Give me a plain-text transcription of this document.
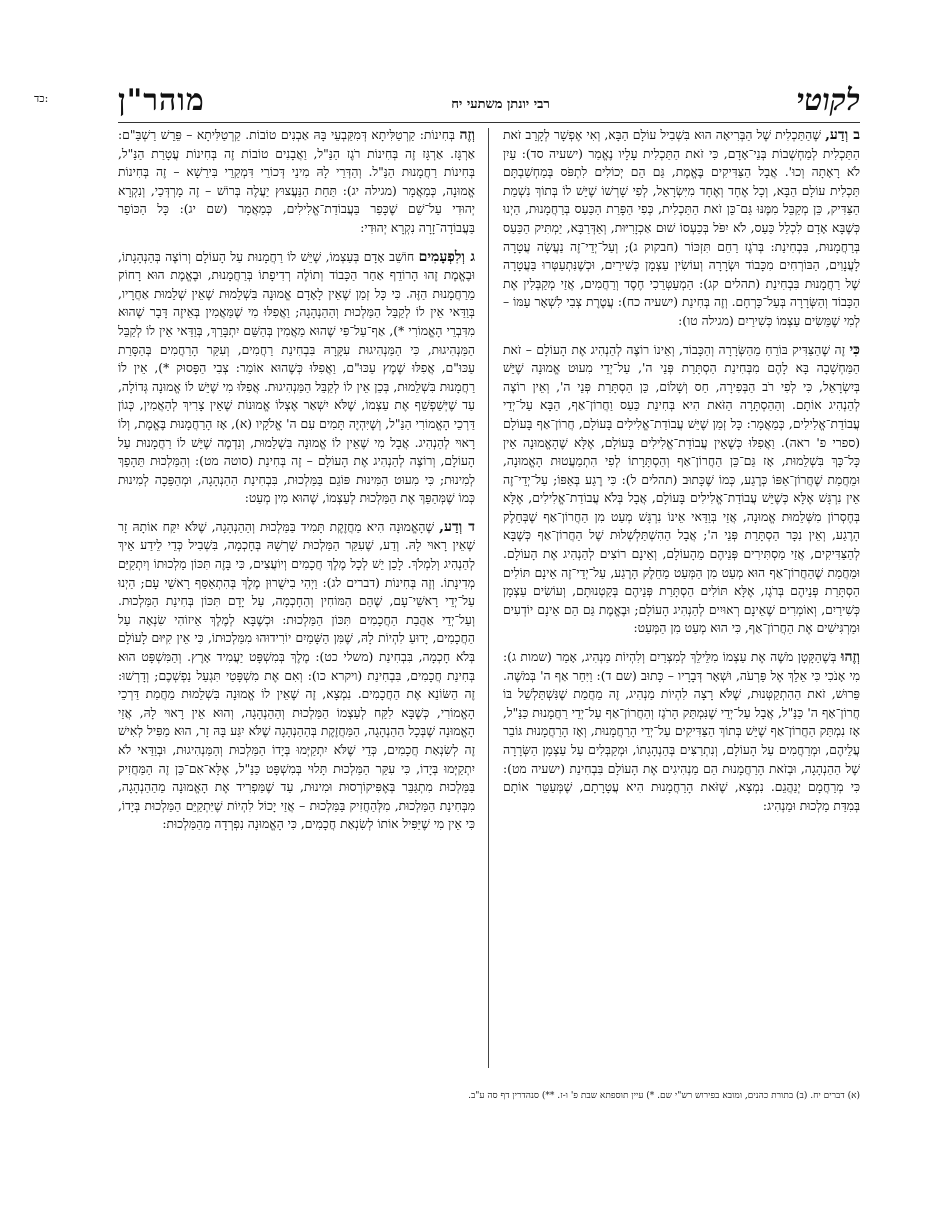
כד:	לקוטי
רבי יונתן משתעי יח
מוהר"ן

ב וְדַע, שֶׁהַתַּכְלִית שֶׁל הַבְּרִיאָה הוּא בִּשְׁבִיל עוֹלָם הַבָּא, וְאִי אֶפְשָׁר לְקָרֵב זֹאת הַתַּכְלִית לְמַחְשְׁבוֹת בְּנֵי־אָדָם, כִּי זֹאת הַתַּכְלִית עָלָיו נֶאֱמַר (ישעיה סד): עַיִן לֹא רָאָתָה וְכוּ'. אֲבָל הַצַּדִּיקִים בֶּאֱמֶת, גַּם הֵם יְכוֹלִים לִתְפֹּס בְּמַחְשַׁבְתָּם תַּכְלִית עוֹלָם הַבָּא, וְכָל אֶחָד וְאֶחָד מִיִּשְׂרָאֵל, לְפִי שָׁרְשׁוֹ שֶׁיֵּשׁ לוֹ בְּתוֹךְ נִשְׁמַת הַצַּדִּיק, כֵּן מְקַבֵּל מִמֶּנּוּ גַּם־כֵּן זֹאת הַתַּכְלִית, כְּפִי הַפָּרַת הַכַּעַס בְּרַחֲמָנוּת, הַיְנוּ כְּשֶׁבָּא אָדָם לִכְלַל כַּעַס, לֹא יִפֹּל בְּכַעְסוֹ שׁוּם אַכְזָרִיּוּת, וְאַדְּרַבָּא, יַמְתִּיק הַכַּעַס בְּרַחֲמָנוּת, בִּבְחִינַת: בְּרֹגֶז רַחֵם תִּזְכּוֹר (חבקוק ג); וְעַל־יְדֵי־זֶה נַעֲשָׂה עֲטָרָה לָעֲנָוִים, הַבּוֹרְחִים מִכָּבוֹד וּשְׂרָרָה וְעוֹשִׂין עַצְמָן כְּשִׁירַיִם, וּכְשֶׁנִּתְעַטְּרוּ בַּעֲטָרָה שֶׁל רַחֲמָנוּת בִּבְחִינַת (תהלים קג): הַמְעַטְּרֵכִי חֶסֶד וְרַחֲמִים, אֲזַי מְקַבְּלִין אֶת הַכָּבוֹד וְהַשְּׂרָרָה בְּעַל־כָּרְחָם. וְזֶה בְּחִינַת (ישעיה כח): עֲטֶרֶת צְבִי לִשְׁאָר עַמּוֹ – לְמִי שֶׁמֵּשִׂים עַצְמוֹ כְּשִׁירַיִם (מגילה טו):

כִּי זֶה שֶׁהַצַּדִּיק בּוֹרֵחַ מֵהַשְּׂרָרָה וְהַכָּבוֹד, וְאֵינוֹ רוֹצֶה לְהַנְהִיג אֶת הָעוֹלָם – זֹאת הַמַּחְשָׁבָה בָּא לָהֶם מִבְּחִינַת הַסְתָּרַת פְּנֵי ה', עַל־יְדֵי מִעוּט אֱמוּנָה שֶׁיֵּשׁ בְּיִשְׂרָאֵל, כִּי לְפִי רֹב הַבְּפִירָה, חַס וְשָׁלוֹם, כֵּן הַסְתָּרַת פְּנֵי ה', וְאֵין רוֹצֶה לְהַנְהִיג אוֹתָם. וְהַהַסְתָּרָה הַזֹּאת הִיא בְּחִינַת כַּעַס וַחֲרוֹן־אַף, הַבָּא עַל־יְדֵי עֲבוֹדַת־אֱלִילִים, כְּמַאֲמָר: כָּל זְמַן שֶׁיֵּשׁ עֲבוֹדַת־אֱלִילִים בָּעוֹלָם, חֲרוֹן־אַף בָּעוֹלָם (ספרי פ' ראה). וַאֲפִלּוּ כְּשֶׁאֵין עֲבוֹדַת־אֱלִילִים בָּעוֹלָם, אֶלָּא שֶׁהָאֱמוּנָה אֵין כָּל־כָּךְ בִּשְׁלֵמוּת, אָז גַּם־כֵּן הַחֲרוֹן־אַף וְהַסְתָּרָתוֹ לְפִי הִתְמַעֲטוּת הָאֱמוּנָה, וּמֵחֲמַת שֶׁחֲרוֹן־אַפּוֹ כְּרֶגַע, כְּמוֹ שֶׁכָּתוּב (תהלים ל): כִּי רֶגַע בְּאַפּוֹ; עַל־יְדֵי־זֶה אֵין נִרְגָּשׁ אֶלָּא כְּשֶׁיֵּשׁ עֲבוֹדַת־אֱלִילִים בָּעוֹלָם, אֲבָל בְּלֹא עֲבוֹדַת־אֱלִילִים, אֶלָּא בְּחֶסְרוֹן מִשְּׁלֵמוּת אֱמוּנָה, אֲזַי בְּוַדַּאי אֵינוֹ נִרְגָּשׁ מְעַט מִן הַחֲרוֹן־אַף שֶׁבְּחֵלֶק הָרֶגַע, וְאֵין נִכָּר הַסְתָּרַת פְּנֵי ה'; אֲבָל הַהִשְׁתַּלְשְׁלוּת שֶׁל הַחֲרוֹן־אַף כְּשֶׁבָּא לְהַצַּדִּיקִים, אֲזַי מַסְתִּירִים פְּנֵיהֶם מֵהָעוֹלָם, וְאֵינָם רוֹצִים לְהַנְהִיג אֶת הָעוֹלָם. וּמֵחֲמַת שֶׁהַחֲרוֹן־אַף הוּא מְעַט מִן הַמְּעַט מֵחֵלֶק הָרֶגַע, עַל־יְדֵי־זֶה אֵינָם תּוֹלִים הַסְתָּרַת פְּנֵיהֶם בְּרֹגֶז, אֶלָּא תּוֹלִים הַסְתָּרַת פְּנֵיהֶם בְּקַטְנוּתָם, וְעוֹשִׂים עַצְמָן כְּשִׁירַיִם, וְאוֹמְרִים שֶׁאֵינָם רְאוּיִים לְהַנְהִיג הָעוֹלָם; וּבֶאֱמֶת גַּם הֵם אֵינָם יוֹדְעִים וּמַרְגִּישִׁים אֶת הַחֲרוֹן־אַף, כִּי הוּא מְעַט מִן הַמְּעַט:

וְזֶהוּ בְּשֶׁהַקָּטָן מֹשֶׁה אֶת עַצְמוֹ מִלֵּילֵךְ לְמִצְרַיִם וְלִהְיוֹת מַנְהִיג, אָמַר (שמות ג): מִי אָנֹכִי כִּי אֵלֵךְ אֶל פַּרְעֹה, וּשְׁאָר דְּבָרָיו – כָּתוּב (שם ד): וַיִּחַר אַף ה' בְּמֹשֶׁה. פֵּרוּשׁ, זֹאת הַהִתְקַטְּנוּת, שֶׁלֹּא רָצָה לִהְיוֹת מַנְהִיג, זֶה מֵחֲמַת שֶׁנִּשְׁתַּלְשֵׁל בּוֹ חֲרוֹן־אַף ה' כַּנַּ"ל, אֲבָל עַל־יְדֵי שֶׁנִּמְתַּק הָרֹגֶז וְהַחֲרוֹן־אַף עַל־יְדֵי רַחֲמָנוּת כַּנַּ"ל, אָז נִמְתַּק הַחֲרוֹן־אַף שֶׁיֵּשׁ בְּתוֹךְ הַצַּדִּיקִים עַל־יְדֵי הָרַחֲמָנוּת, וְאָז הָרַחֲמָנוּת גּוֹבֵר עֲלֵיהֶם, וּמְרַחֲמִים עַל הָעוֹלָם, וְנִתְרַצִּים בְּהַנְהָגָתוֹ, וּמְקַבְּלִים עַל עַצְמָן הַשְּׂרָרָה שֶׁל הַהַנְהָגָה, וּבְזֹאת הָרַחֲמָנוּת הֵם מַנְהִיגִים אֶת הָעוֹלָם בִּבְחִינַת (ישעיה מט): כִּי מְרַחֲמָם יְנַהֲגֵם. נִמְצָא, שֶׁזֹּאת הָרַחֲמָנוּת הִיא עֲטָרָתָם, שֶׁמְּעַטֵּר אוֹתָם בְּמִדַּת מַלְכוּת וּמַנְהִיג:

וְזֶה בְּחִינוֹת: קַרְטַלִּיתָא דְּמִקַּבְעֵי בָּהּ אַבְנִים טוֹבוֹת. קַרְטַלִּיתָא – פֵּרֵשׁ רַשְׁבַּ"ם: אַרְגָּז. אַרְגָּז זֶה בְּחִינוֹת רֹגֶז הַנַּ"ל, וַאֲבָנִים טוֹבוֹת זֶה בְּחִינוֹת עֲטָרַת הַנַּ"ל, בְּחִינוֹת רַחֲמָנוּת הַנַּ"ל. וְהַדְּרֵי לָהּ מִינֵי דְּכוֹרֵי דִּמְקַרֵי בִּירֵשָׁא – זֶה בְּחִינוֹת אֱמוּנָה, כְּמַאֲמָר (מגילה יג): תַּחַת הַנַּעֲצוּץ יַעֲלֶה בְּרוֹשׁ – זֶה מָרְדְּכַי, וְנִקְרָא יְהוּדִי עַל־שֵׁם שֶׁכָּפַר בַּעֲבוֹדַת־אֱלִילִים, כְּמַאֲמָר (שם יג): כָּל הַכּוֹפֵר בַּעֲבוֹדָה־זָרָה נִקְרָא יְהוּדִי:

ג וְלִפְעָמִים חוֹשֵׁב אָדָם בְּעַצְמוֹ, שֶׁיֵּשׁ לוֹ רַחֲמָנוּת עַל הָעוֹלָם וְרוֹצֶה בְּהַנְהָגָתוֹ, וּבֶאֱמֶת זֶהוּ הָרוֹדֵף אַחַר הַכָּבוֹד וְתוֹלֶה רְדִיפָתוֹ בְּרַחֲמָנוּת, וּבֶאֱמֶת הוּא רָחוֹק מֵרַחֲמָנוּת הַזֶּה. כִּי כָּל זְמַן שֶׁאֵין לָאָדָם אֱמוּנָה בִּשְׁלֵמוּת שֶׁאֵין שְׁלֵמוּת אַחֲרָיו, בְּוַדַּאי אֵין לוֹ לְקַבֵּל הַמַּלְכוּת וְהַהַנְהָגָה; וַאֲפִלּוּ מִי שֶׁמַּאֲמִין בְּאֵיזֶה דָּבָר שֶׁהוּא מִדִּבְרֵי הָאֱמוֹרִי *), אַף־עַל־פִּי שֶׁהוּא מַאֲמִין בְּהַשֵּׁם יִתְבָּרַךְ, בְּוַדַּאי אֵין לוֹ לְקַבֵּל הַמַּנְהִיגוּת, כִּי הַמַּנְהִיגוּת עִקָּרָהּ בִּבְחִינַת רַחֲמִים, וְעִקַּר הָרַחֲמִים בְּהַסָּרַת עַכּוּ"ם, אֲפִלּוּ שֶׁמֶץ עַכּוּ"ם, וַאֲפִלּוּ כְּשֶׁהוּא אוֹמֵר: צְבִי הַפָּסוּק *), אֵין לוֹ רַחֲמָנוּת בִּשְׁלֵמוּת, בְּכֵן אֵין לוֹ לְקַבֵּל הַמַּנְהִיגוּת. אֲפִלּוּ מִי שֶׁיֵּשׁ לוֹ אֱמוּנָה גְּדוֹלָה, עַד שֶׁיְּשַׁפְשֵׁף אֶת עַצְמוֹ, שֶׁלֹּא יִשְׁאַר אֶצְלוֹ אֱמוּנוֹת שֶׁאֵין צָרִיךְ לְהַאֲמִין, כְּגוֹן דַּרְכֵי הָאֱמוֹרִי הַנַּ"ל, וְשֶׁיִּהְיֶה תָּמִים עִם ה' אֱלֹקָיו (א), אָז הָרַחֲמָנוּת בֶּאֱמֶת, וְלוֹ רָאוּי לְהַנְהִיג. אֲבָל מִי שֶׁאֵין לוֹ אֱמוּנָה בִּשְׁלֵמוּת, וְנִדְמֶה שֶׁיֵּשׁ לוֹ רַחֲמָנוּת עַל הָעוֹלָם, וְרוֹצֶה לְהַנְהִיג אֶת הָעוֹלָם – זֶה בְּחִינַת (סוטה מט): וְהַמַּלְכוּת תֵּהָפֵךְ לְמִינוּת; כִּי מִעוּט הַמִּינוּת פּוֹגֵם בַּמַּלְכוּת, בִּבְחִינַת הַהַנְהָגָה, וּמְהַפֵּכָה לְמִינוּת כְּמוֹ שֶׁמְּהַפֵּךְ אֶת הַמַּלְכוּת לְעַצְמוֹ, שֶׁהוּא מִין מְעַט:

ד וְדַע, שֶׁהָאֱמוּנָה הִיא מַחֲזֶקֶת תָּמִיד בַּמַּלְכוּת וְהַהַנְהָגָה, שֶׁלֹּא יִקַּח אוֹתָהּ זָר שֶׁאֵין רָאוּי לָהּ. וְדַע, שֶׁעִקַּר הַמַּלְכוּת שָׁרְשָׁהּ בְּחָכְמָה, בִּשְׁבִיל כְּדֵי לֵידַע אֵיךְ לְהַנְהִיג וְלִמְלֹךְ. לָכֵן יֵשׁ לְכָל מֶלֶךְ חֲכָמִים וְיוֹעֲצִים, כִּי בָּזֶה תִּכּוֹן מַלְכוּתוֹ וְיִתְקַיֵּם מְדִינָתוֹ. וְזֶה בְּחִינוֹת (דברים לג): וַיְהִי בִישֻׁרוּן מֶלֶךְ בְּהִתְאַסֵּף רָאשֵׁי עָם; הַיְנוּ עַל־יְדֵי רָאשֵׁי־עָם, שֶׁהֵם הַמּוֹחִין וְהַחָכְמָה, עַל יָדָם תִּכּוֹן בְּחִינַת הַמַּלְכוּת. וְעַל־יְדֵי אַהֲבַת הַחֲכָמִים תִּכּוֹן הַמַּלְכוּת: וּכְשֶׁבָּא לְמֶלֶךְ אֵיזוֹהִי שִׂנְאָה עַל הַחֲכָמִים, יָדוּעַ לִהְיוֹת לָהּ, שֶׁמִּן הַשָּׁמַיִם יוֹרִידוּהוּ מִמַּלְכוּתוֹ, כִּי אֵין קִיּוּם לָעוֹלָם בְּלֹא חָכְמָה, בִּבְחִינַת (משלי כט): מֶלֶךְ בְּמִשְׁפָּט יַעֲמִיד אָרֶץ. וְהַמִּשְׁפָּט הוּא בְּחִינַת חֲכָמִים, בִּבְחִינַת (ויקרא כו): וְאִם אֶת מִשְׁפָּטַי תִּגְעַל נַפְשְׁכֶם; וְדָרְשׁוּ: זֶה הַשּׂוֹנֵא אֶת הַחֲכָמִים. נִמְצָא, זֶה שֶׁאֵין לוֹ אֱמוּנָה בִּשְׁלֵמוּת מֵחֲמַת דַּרְכֵי הָאֱמוֹרִי, כְּשֶׁבָּא לִקַּח לְעַצְמוֹ הַמַּלְכוּת וְהַהַנְהָגָה, וְהוּא אֵין רָאוּי לָהּ, אֲזַי הָאֱמוּנָה שֶׁבְּכָל הַהַנְהָגָה, הַמַּחֲזֶקֶת בְּהַהַנְהָגָה שֶׁלֹּא יִגַּע בָּהּ זָר, הוּא מַפִּיל לְאִישׁ זֶה לְשִׂנְאַת חֲכָמִים, כְּדֵי שֶׁלֹּא יִתְקַיְּמוּ בְּיָדוֹ הַמַּלְכוּת וְהַמַּנְהִיגוּת, וּבְוַדַּאי לֹא יִתְקַיְּמוּ בְּיָדוֹ, כִּי עִקַּר הַמַּלְכוּת תָּלוּי בְּמִשְׁפָּט כַּנַּ"ל, אֶלָּא־אִם־כֵּן זֶה הַמַּחֲזִיק בַּמַּלְכוּת מִתְגַּבֵּר בְּאֶפִּיקוֹרְסוּת וּמִינוּת, עַד שֶׁמַּפְרִיד אֶת הָאֱמוּנָה מֵהַהַנְהָגָה, מִבְּחִינַת הַמַּלְכוּת, מִלְּהַחֲזִיק בַּמַּלְכוּת – אֲזַי יָכוֹל לִהְיוֹת שֶׁיִּתְקַיֵּם הַמַּלְכוּת בְּיָדוֹ, כִּי אֵין מִי שֶׁיַּפִּיל אוֹתוֹ לְשִׂנְאַת חֲכָמִים, כִּי הָאֱמוּנָה נִפְרְדָה מֵהַמַּלְכוּת:

(א) דברים יח. (ב) בתורת כהנים, ומובא בפירוש רש"י שם. *) עיין תוספתא שבת פ' ו-ז. **) סנהדרין דף סה ע"ב.
